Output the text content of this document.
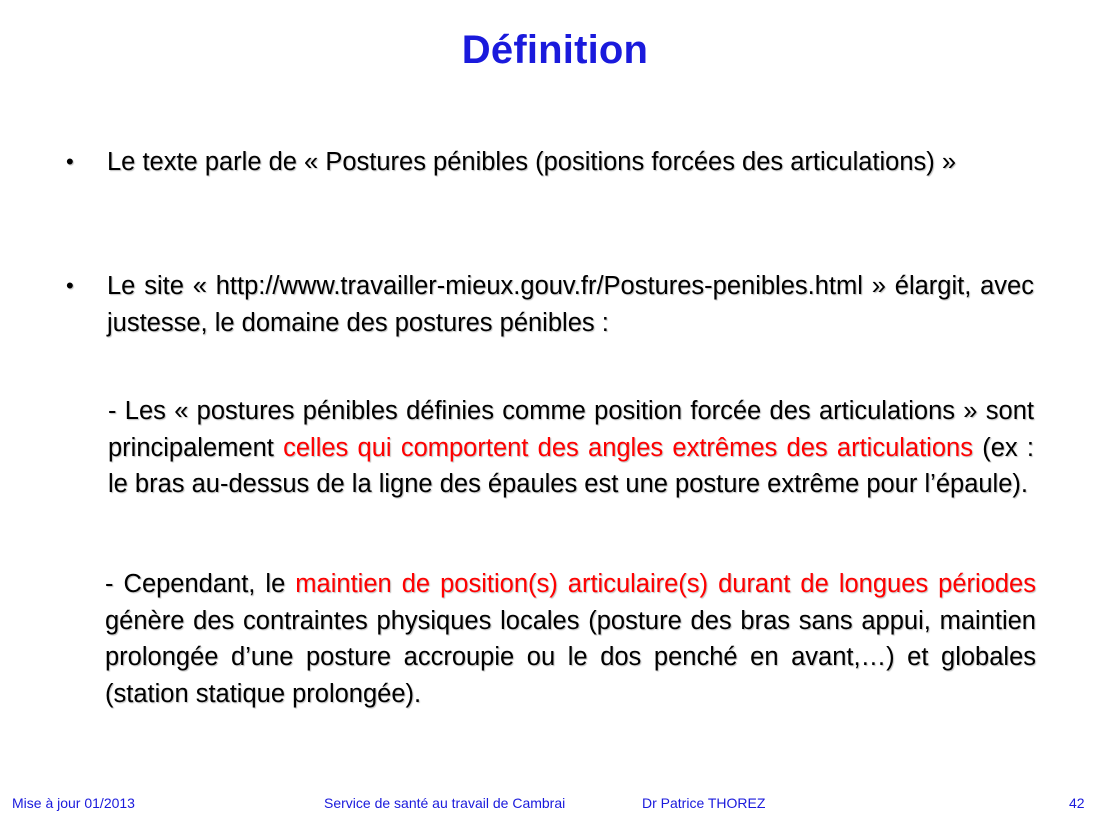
Définition
•	Le texte parle de « Postures pénibles (positions forcées des articulations) »
•	Le site « http://www.travailler-mieux.gouv.fr/Postures-penibles.html » élargit, avec justesse, le domaine des postures pénibles :
- Les « postures pénibles définies comme position forcée des articulations » sont principalement celles qui comportent des angles extrêmes des articulations (ex : le bras au-dessus de la ligne des épaules est une posture extrême pour l’épaule).
- Cependant, le maintien de position(s) articulaire(s) durant de longues périodes génère des contraintes physiques locales (posture des bras sans appui, maintien prolongée d’une posture accroupie ou le dos penché en avant,…) et globales (station statique prolongée).
Mise à jour 01/2013	Service de santé au travail de Cambrai	Dr Patrice THOREZ	42
